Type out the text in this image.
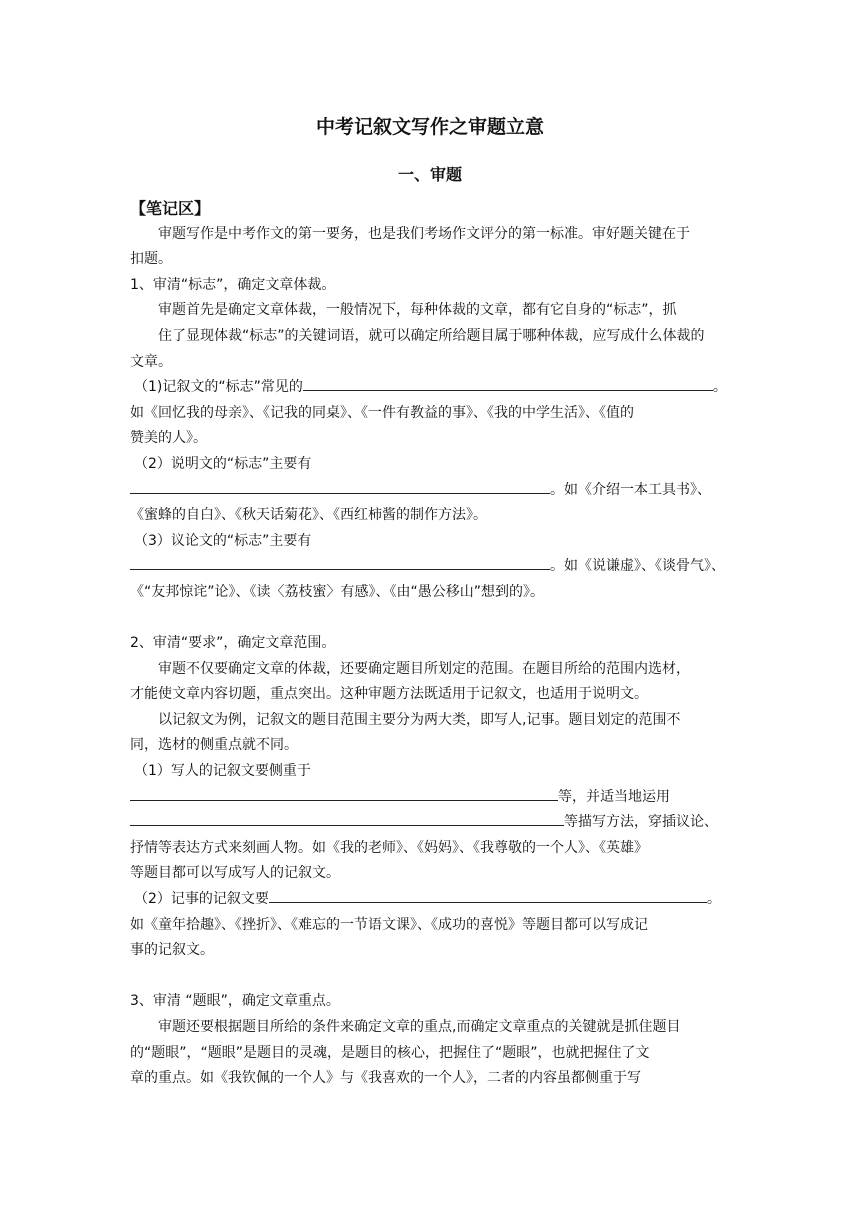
中考记叙文写作之审题立意
一、审题
【笔记区】
审题写作是中考作文的第一要务，也是我们考场作文评分的第一标准。审好题关键在于
扣题。
1、审清“标志”，确定文章体裁。
审题首先是确定文章体裁，一般情况下，每种体裁的文章，都有它自身的“标志”，抓
住了显现体裁“标志”的关键词语，就可以确定所给题目属于哪种体裁，应写成什么体裁的
文章。
（1)记叙文的“标志”常见的	。
如《回忆我的母亲》、《记我的同桌》、《一件有教益的事》、《我的中学生活》、《值的
赞美的人》。
（2）说明文的“标志”主要有
。如《介绍一本工具书》、
《蜜蜂的自白》、《秋天话菊花》、《西红柿酱的制作方法》。
（3）议论文的“标志”主要有
。如《说谦虚》、《谈骨气》、
《“友邦惊诧”论》、《读〈荔枝蜜〉有感》、《由“愚公移山”想到的》。
2、审清“要求”，确定文章范围。
审题不仅要确定文章的体裁，还要确定题目所划定的范围。在题目所给的范围内选材，
才能使文章内容切题，重点突出。这种审题方法既适用于记叙文，也适用于说明文。
以记叙文为例，记叙文的题目范围主要分为两大类，即写人,记事。题目划定的范围不
同，选材的侧重点就不同。
（1）写人的记叙文要侧重于
等，并适当地运用
等描写方法，穿插议论、
抒情等表达方式来刻画人物。如《我的老师》、《妈妈》、《我尊敬的一个人》、《英雄》
等题目都可以写成写人的记叙文。
（2）记事的记叙文要	。
如《童年拾趣》、《挫折》、《难忘的一节语文课》、《成功的喜悦》等题目都可以写成记
事的记叙文。
3、审清 “题眼”，确定文章重点。
审题还要根据题目所给的条件来确定文章的重点,而确定文章重点的关键就是抓住题目
的“题眼”，“题眼”是题目的灵魂，是题目的核心，把握住了“题眼”，也就把握住了文
章的重点。如《我钦佩的一个人》与《我喜欢的一个人》，二者的内容虽都侧重于写
